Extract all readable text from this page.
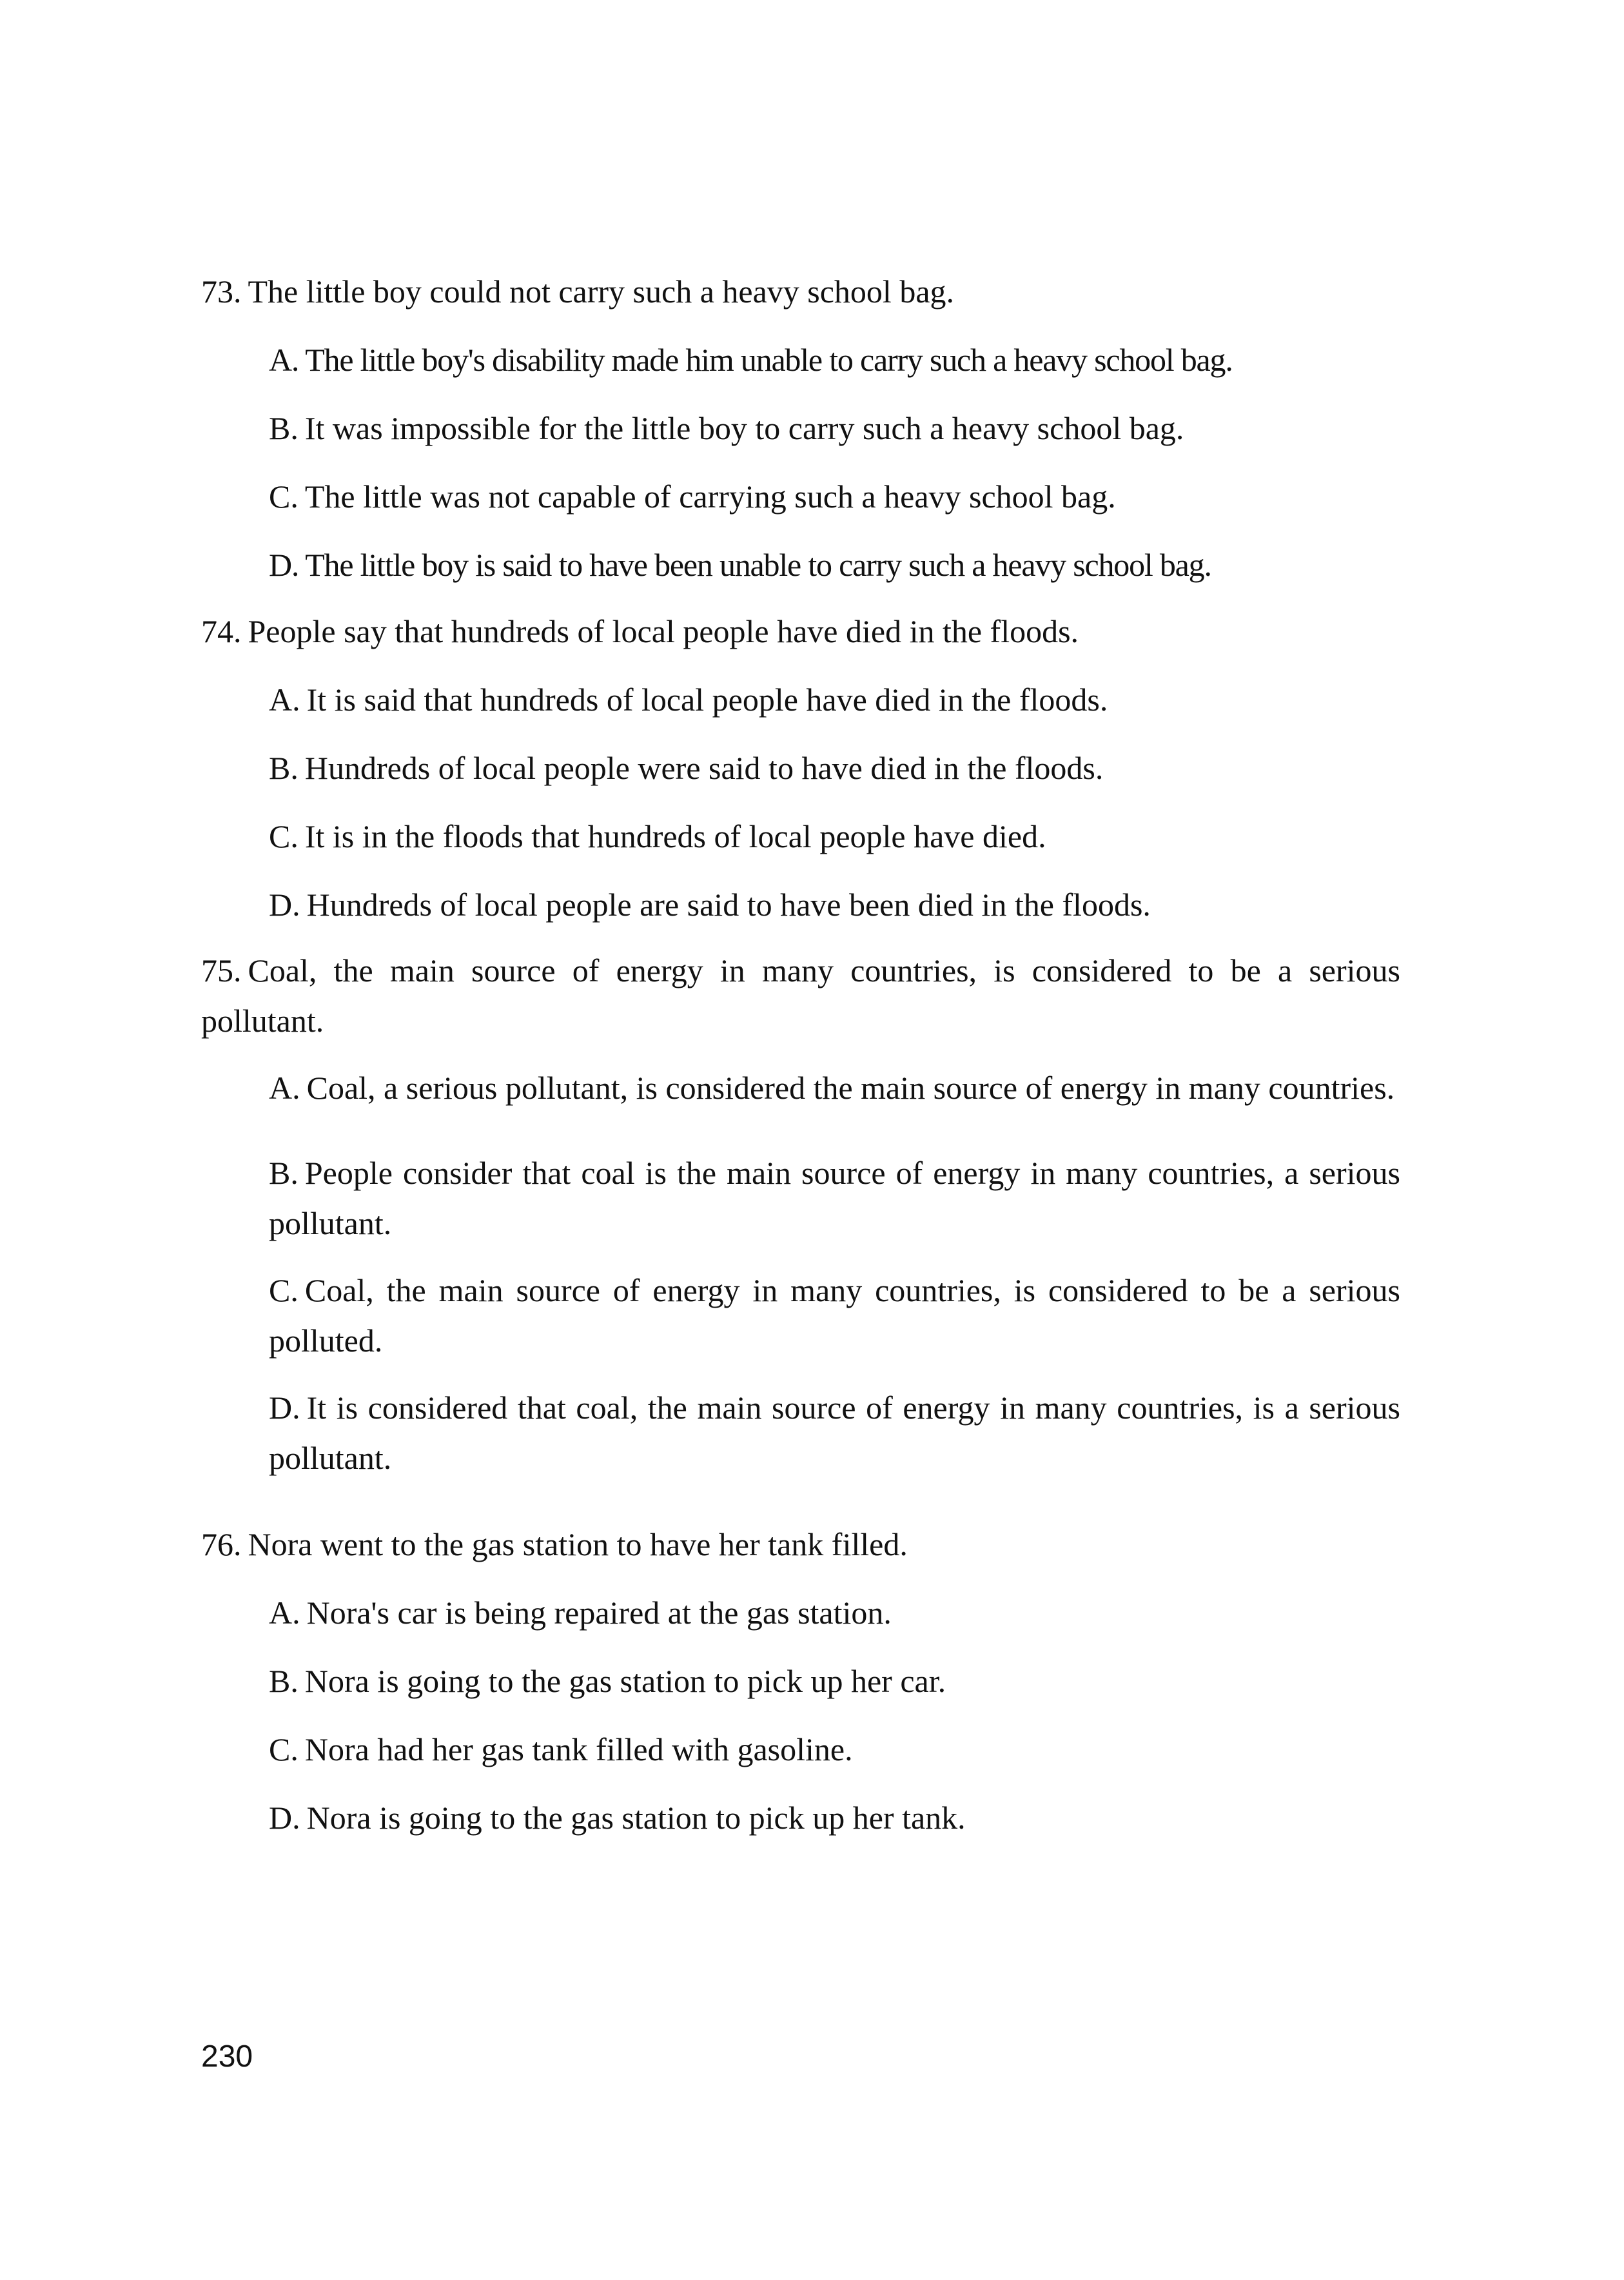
73. The little boy could not carry such a heavy school bag.

A. The little boy's disability made him unable to carry such a heavy school bag.

B. It was impossible for the little boy to carry such a heavy school bag.

C. The little was not capable of carrying such a heavy school bag.

D. The little boy is said to have been unable to carry such a heavy school bag.

74. People say that hundreds of local people have died in the floods.

A. It is said that hundreds of local people have died in the floods.

B. Hundreds of local people were said to have died in the floods.

C. It is in the floods that hundreds of local people have died.

D. Hundreds of local people are said to have been died in the floods.

75. Coal, the main source of energy in many countries, is considered to be a serious pollutant.

A. Coal, a serious pollutant, is considered the main source of energy in many countries.

B. People consider that coal is the main source of energy in many countries, a serious pollutant.

C. Coal, the main source of energy in many countries, is considered to be a serious polluted.

D. It is considered that coal, the main source of energy in many countries, is a serious pollutant.

76. Nora went to the gas station to have her tank filled.

A. Nora's car is being repaired at the gas station.

B. Nora is going to the gas station to pick up her car.

C. Nora had her gas tank filled with gasoline.

D. Nora is going to the gas station to pick up her tank.

230
